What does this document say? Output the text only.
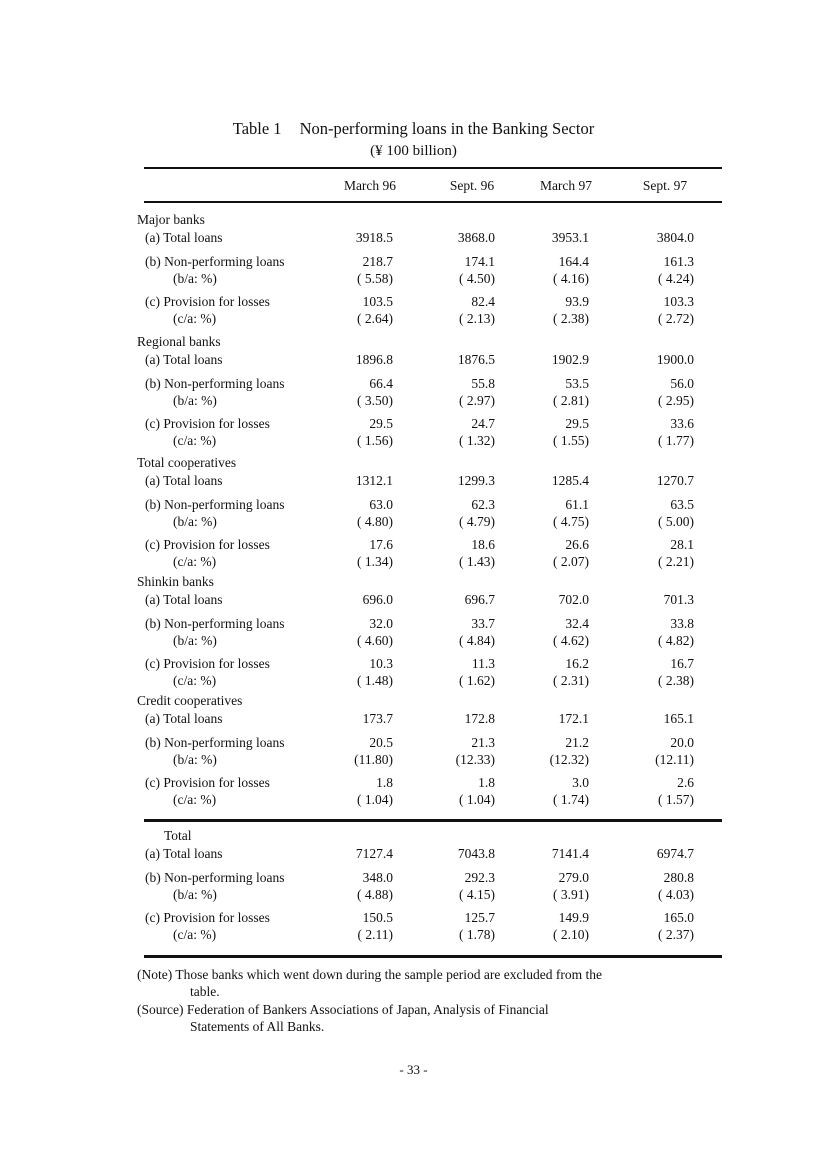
Table 1 Non-performing loans in the Banking Sector
(¥ 100 billion)
March 96	Sept. 96	March 97	Sept. 97
Major banks
(a) Total loans	3918.5	3868.0	3953.1	3804.0
(b) Non-performing loans	218.7	174.1	164.4	161.3
(b/a: %)	( 5.58)	( 4.50)	( 4.16)	( 4.24)
(c) Provision for losses	103.5	82.4	93.9	103.3
(c/a: %)	( 2.64)	( 2.13)	( 2.38)	( 2.72)
Regional banks
(a) Total loans	1896.8	1876.5	1902.9	1900.0
(b) Non-performing loans	66.4	55.8	53.5	56.0
(b/a: %)	( 3.50)	( 2.97)	( 2.81)	( 2.95)
(c) Provision for losses	29.5	24.7	29.5	33.6
(c/a: %)	( 1.56)	( 1.32)	( 1.55)	( 1.77)
Total cooperatives
(a) Total loans	1312.1	1299.3	1285.4	1270.7
(b) Non-performing loans	63.0	62.3	61.1	63.5
(b/a: %)	( 4.80)	( 4.79)	( 4.75)	( 5.00)
(c) Provision for losses	17.6	18.6	26.6	28.1
(c/a: %)	( 1.34)	( 1.43)	( 2.07)	( 2.21)
Shinkin banks
(a) Total loans	696.0	696.7	702.0	701.3
(b) Non-performing loans	32.0	33.7	32.4	33.8
(b/a: %)	( 4.60)	( 4.84)	( 4.62)	( 4.82)
(c) Provision for losses	10.3	11.3	16.2	16.7
(c/a: %)	( 1.48)	( 1.62)	( 2.31)	( 2.38)
Credit cooperatives
(a) Total loans	173.7	172.8	172.1	165.1
(b) Non-performing loans	20.5	21.3	21.2	20.0
(b/a: %)	(11.80)	(12.33)	(12.32)	(12.11)
(c) Provision for losses	1.8	1.8	3.0	2.6
(c/a: %)	( 1.04)	( 1.04)	( 1.74)	( 1.57)
Total
(a) Total loans	7127.4	7043.8	7141.4	6974.7
(b) Non-performing loans	348.0	292.3	279.0	280.8
(b/a: %)	( 4.88)	( 4.15)	( 3.91)	( 4.03)
(c) Provision for losses	150.5	125.7	149.9	165.0
(c/a: %)	( 2.11)	( 1.78)	( 2.10)	( 2.37)
(Note) Those banks which went down during the sample period are excluded from the
table.
(Source) Federation of Bankers Associations of Japan, Analysis of Financial
Statements of All Banks.
- 33 -
